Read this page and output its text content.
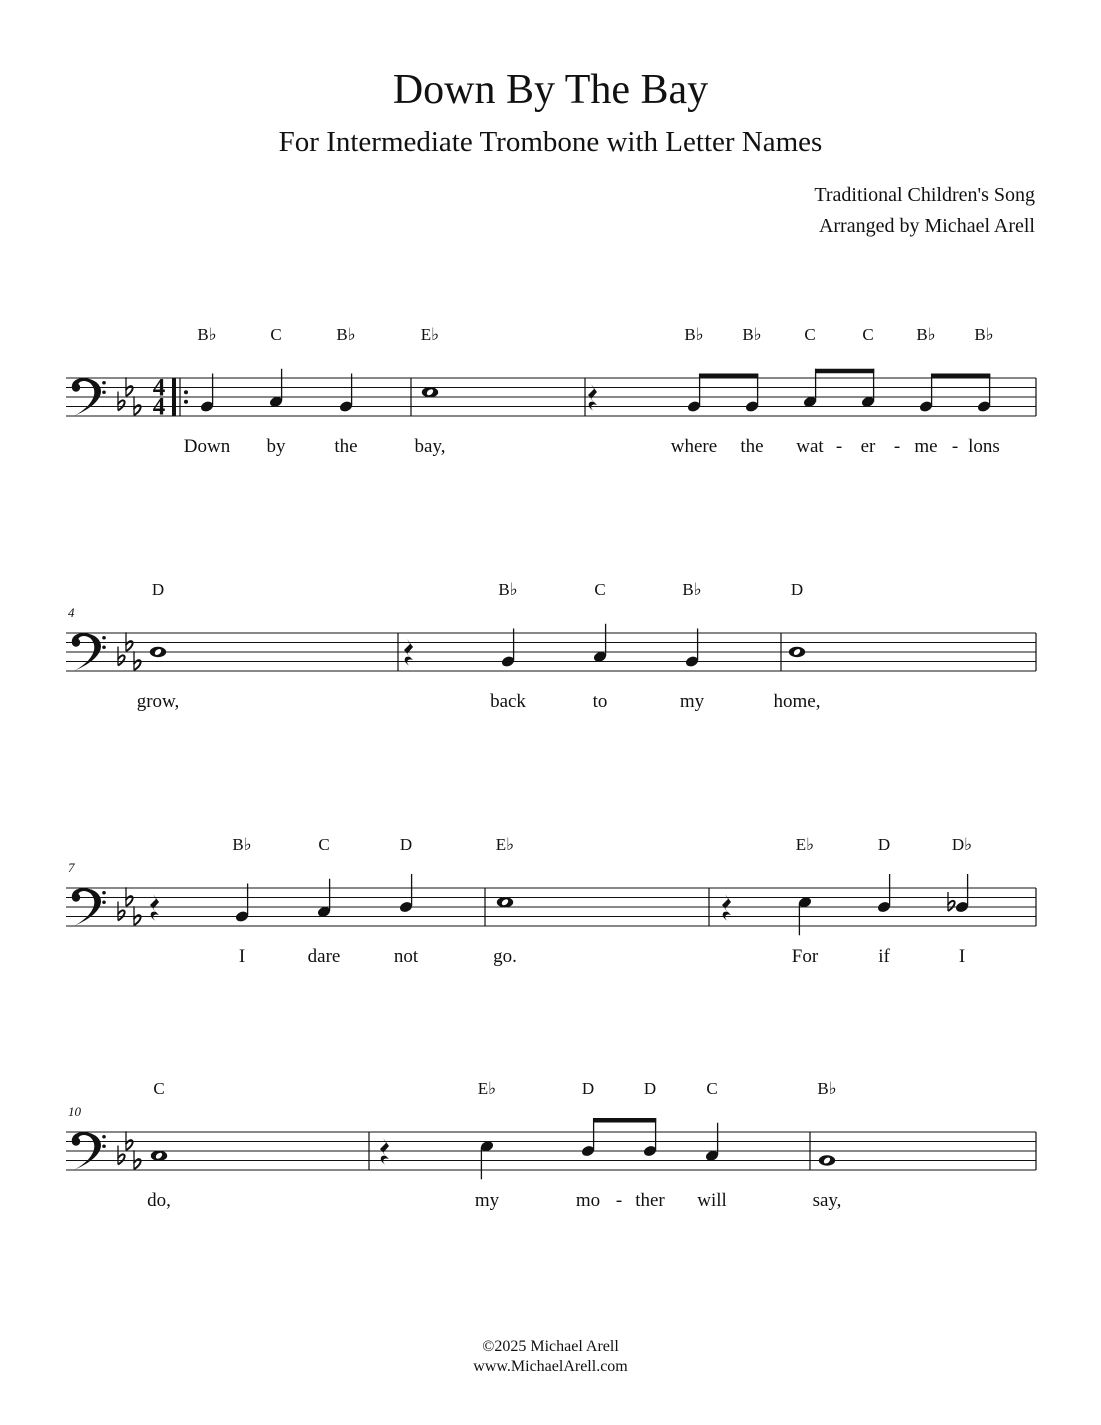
Down By The Bay
For Intermediate Trombone with Letter Names
Traditional Children's Song
Arranged by Michael Arell
4
4
B♭
Down
C
by
B♭
the
E♭
bay,
B♭
where
B♭
the
C
wat
C
er
B♭
me
B♭
lons
-	-	-
4
D
grow,
B♭
back
C
to
B♭
my
D
home,
7
B♭
I
C
dare
D
not
E♭
go.
E♭
For
D
if
D♭
I
10
C
do,
E♭
my
D
mo
D
ther
C
will
B♭
say,
-
©2025 Michael Arell
www.MichaelArell.com
